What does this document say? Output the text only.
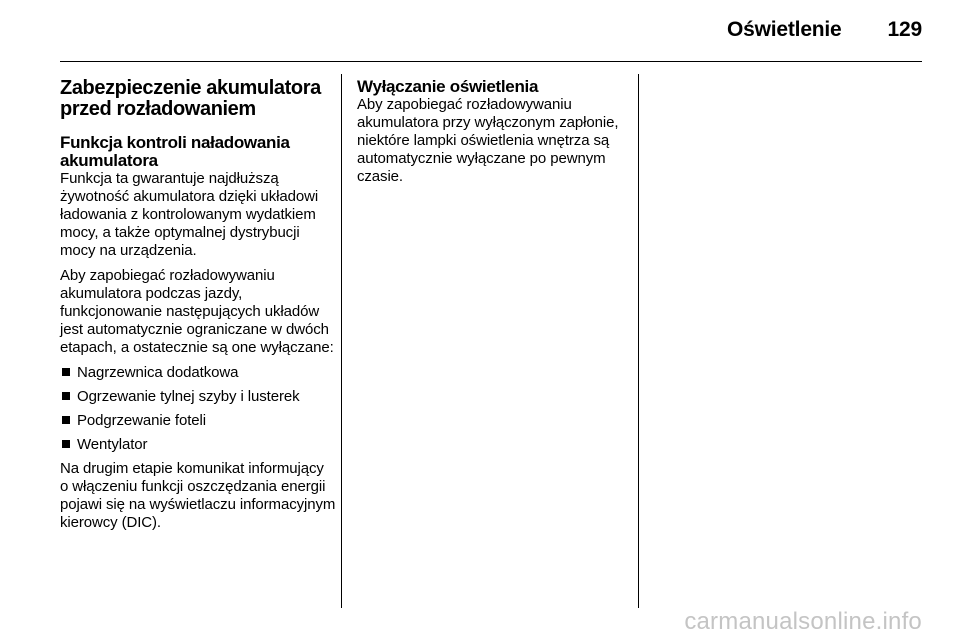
Oświetlenie 129
Zabezpieczenie akumulatora przed rozładowaniem
Funkcja kontroli naładowania akumulatora

Funkcja ta gwarantuje najdłuższą żywotność akumulatora dzięki układowi ładowania z kontrolowanym wydatkiem mocy, a także optymalnej dystrybucji mocy na urządzenia.

Aby zapobiegać rozładowywaniu akumulatora podczas jazdy, funkcjonowanie następujących układów jest automatycznie ograniczane w dwóch etapach, a ostatecznie są one wyłączane:

Nagrzewnica dodatkowa
Ogrzewanie tylnej szyby i lusterek
Podgrzewanie foteli
Wentylator

Na drugim etapie komunikat informujący o włączeniu funkcji oszczędzania energii pojawi się na wyświetlaczu informacyjnym kierowcy (DIC).

Wyłączanie oświetlenia

Aby zapobiegać rozładowywaniu akumulatora przy wyłączonym zapłonie, niektóre lampki oświetlenia wnętrza są automatycznie wyłączane po pewnym czasie.

carmanualsonline.info
